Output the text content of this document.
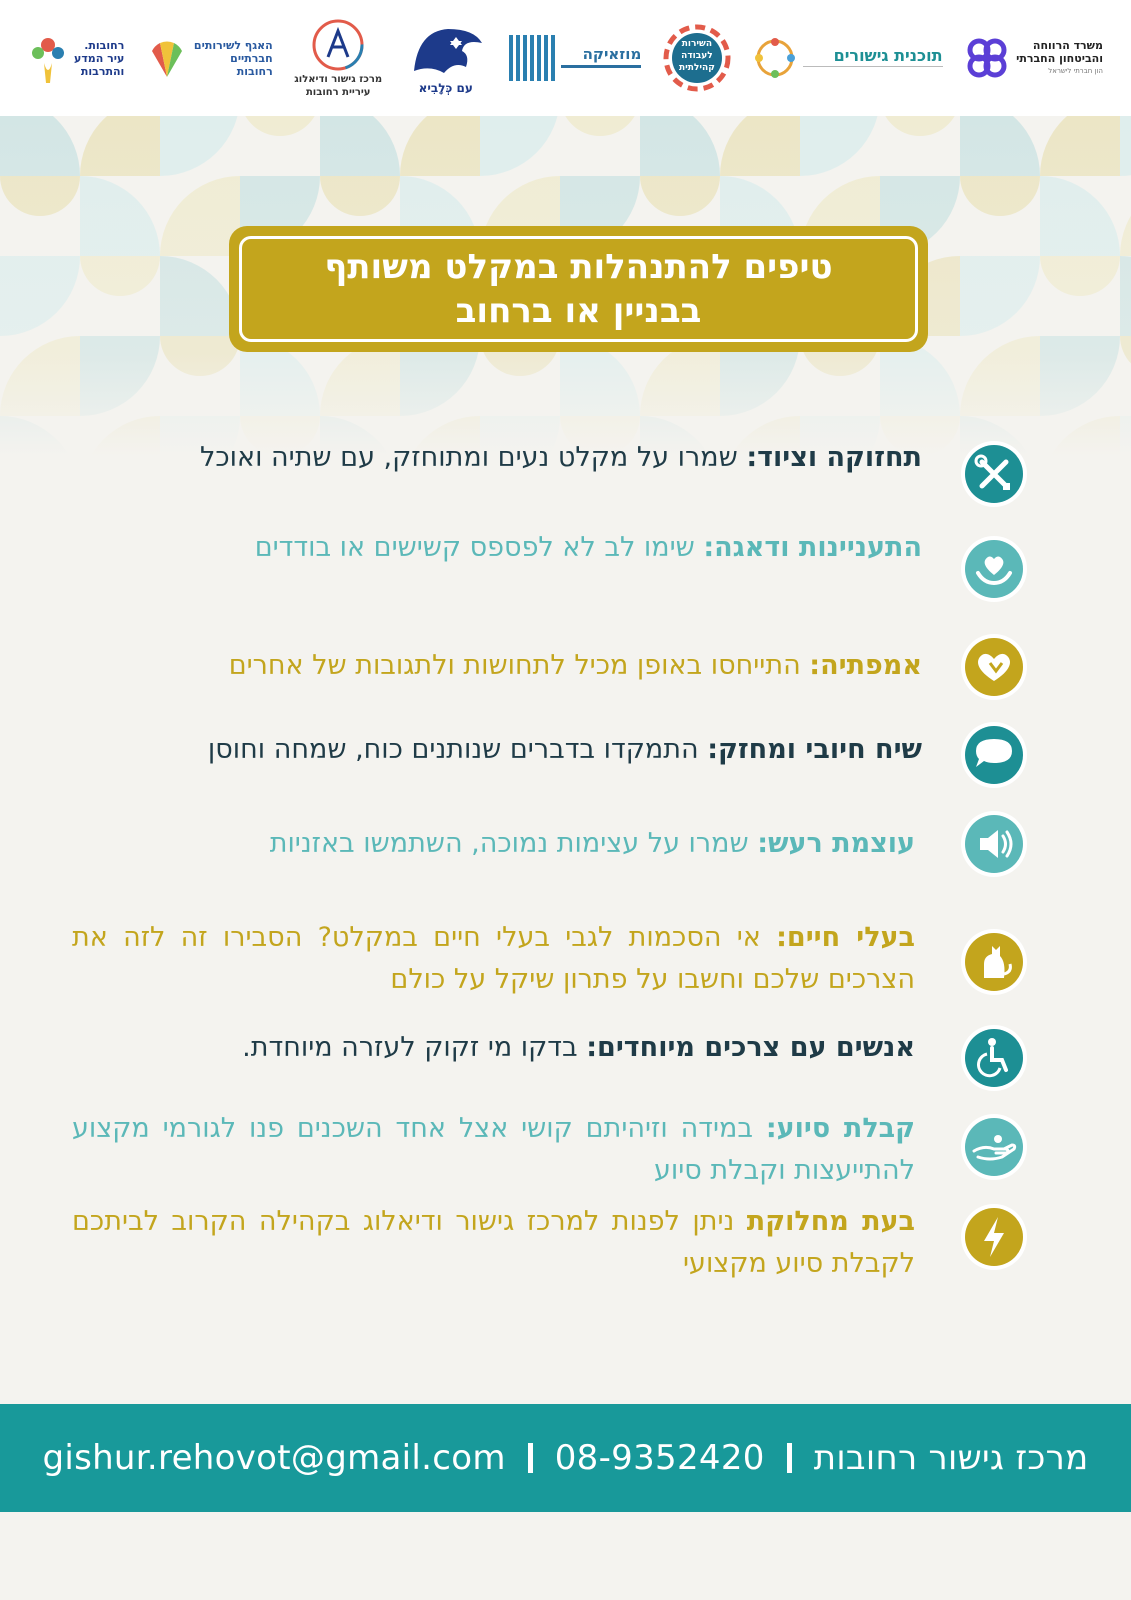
משרד הרווחה
והביטחון החברתי
הון חברתי לישראל
תוכנית גישורים
השירות
לעבודה
קהילתית
מוזאיקה
עם כְּלָבִיא
מרכז גישור ודיאלוג
עיריית רחובות
האגף לשירותים
חברתיים
רחובות
רחובות.
עיר המדע
והתרבות
טיפים להתנהלות במקלט משותף
בבניין או ברחוב
תחזוקה וציוד: שמרו על מקלט נעים ומתוחזק, עם שתיה ואוכל
התעניינות ודאגה: שימו לב לא לפספס קשישים או בודדים
אמפתיה: התייחסו באופן מכיל לתחושות ולתגובות של אחרים
שיח חיובי ומחזק: התמקדו בדברים שנותנים כוח, שמחה וחוסן
עוצמת רעש: שמרו על עצימות נמוכה, השתמשו באזניות
בעלי חיים: אי הסכמות לגבי בעלי חיים במקלט? הסבירו זה לזה את הצרכים שלכם וחשבו על פתרון שיקל על כולם
אנשים עם צרכים מיוחדים: בדקו מי זקוק לעזרה מיוחדת.
קבלת סיוע: במידה וזיהיתם קושי אצל אחד השכנים פנו לגורמי מקצוע להתייעצות וקבלת סיוע
בעת מחלוקת ניתן לפנות למרכז גישור ודיאלוג בקהילה הקרוב לביתכם לקבלת סיוע מקצועי
gishur.rehovot@gmail.com 08-9352420 מרכז גישור רחובות
